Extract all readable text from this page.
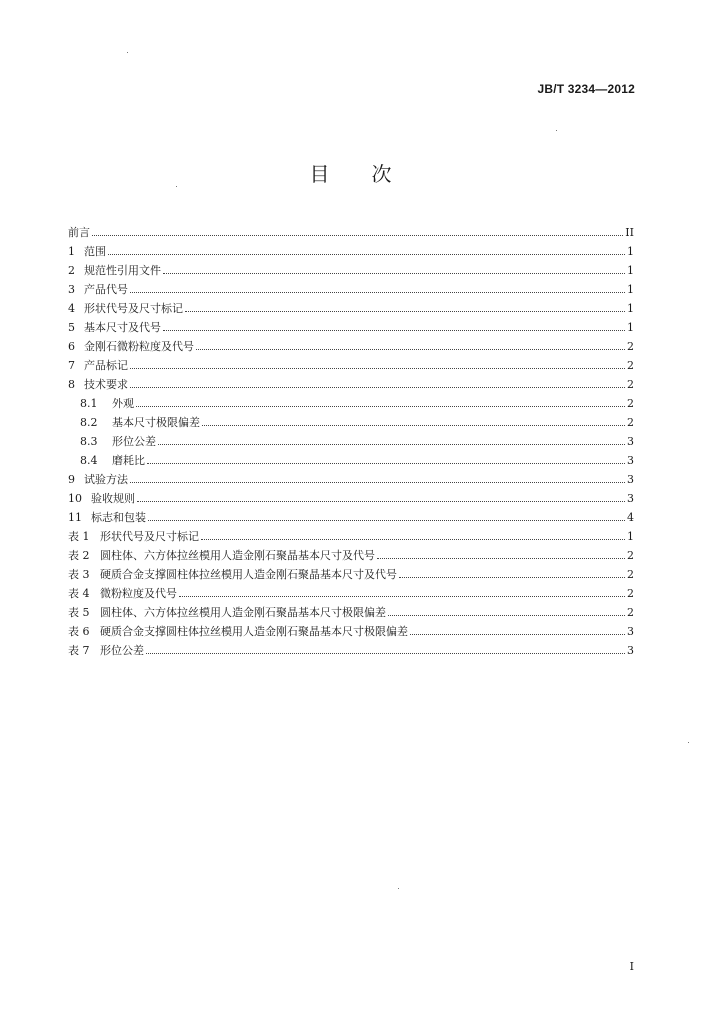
JB/T 3234—2012
目 次
前言	II
1 范围	1
2 规范性引用文件	1
3 产品代号	1
4 形状代号及尺寸标记	1
5 基本尺寸及代号	1
6 金刚石微粉粒度及代号	2
7 产品标记	2
8 技术要求	2
8.1	外观	2
8.2	基本尺寸极限偏差	2
8.3	形位公差	3
8.4	磨耗比	3
9 试验方法	3
10 验收规则	3
11 标志和包装	4
表 1 形状代号及尺寸标记	1
表 2 圆柱体、六方体拉丝模用人造金刚石聚晶基本尺寸及代号	2
表 3 硬质合金支撑圆柱体拉丝模用人造金刚石聚晶基本尺寸及代号	2
表 4 微粉粒度及代号	2
表 5 圆柱体、六方体拉丝模用人造金刚石聚晶基本尺寸极限偏差	2
表 6 硬质合金支撑圆柱体拉丝模用人造金刚石聚晶基本尺寸极限偏差	3
表 7 形位公差	3
I
